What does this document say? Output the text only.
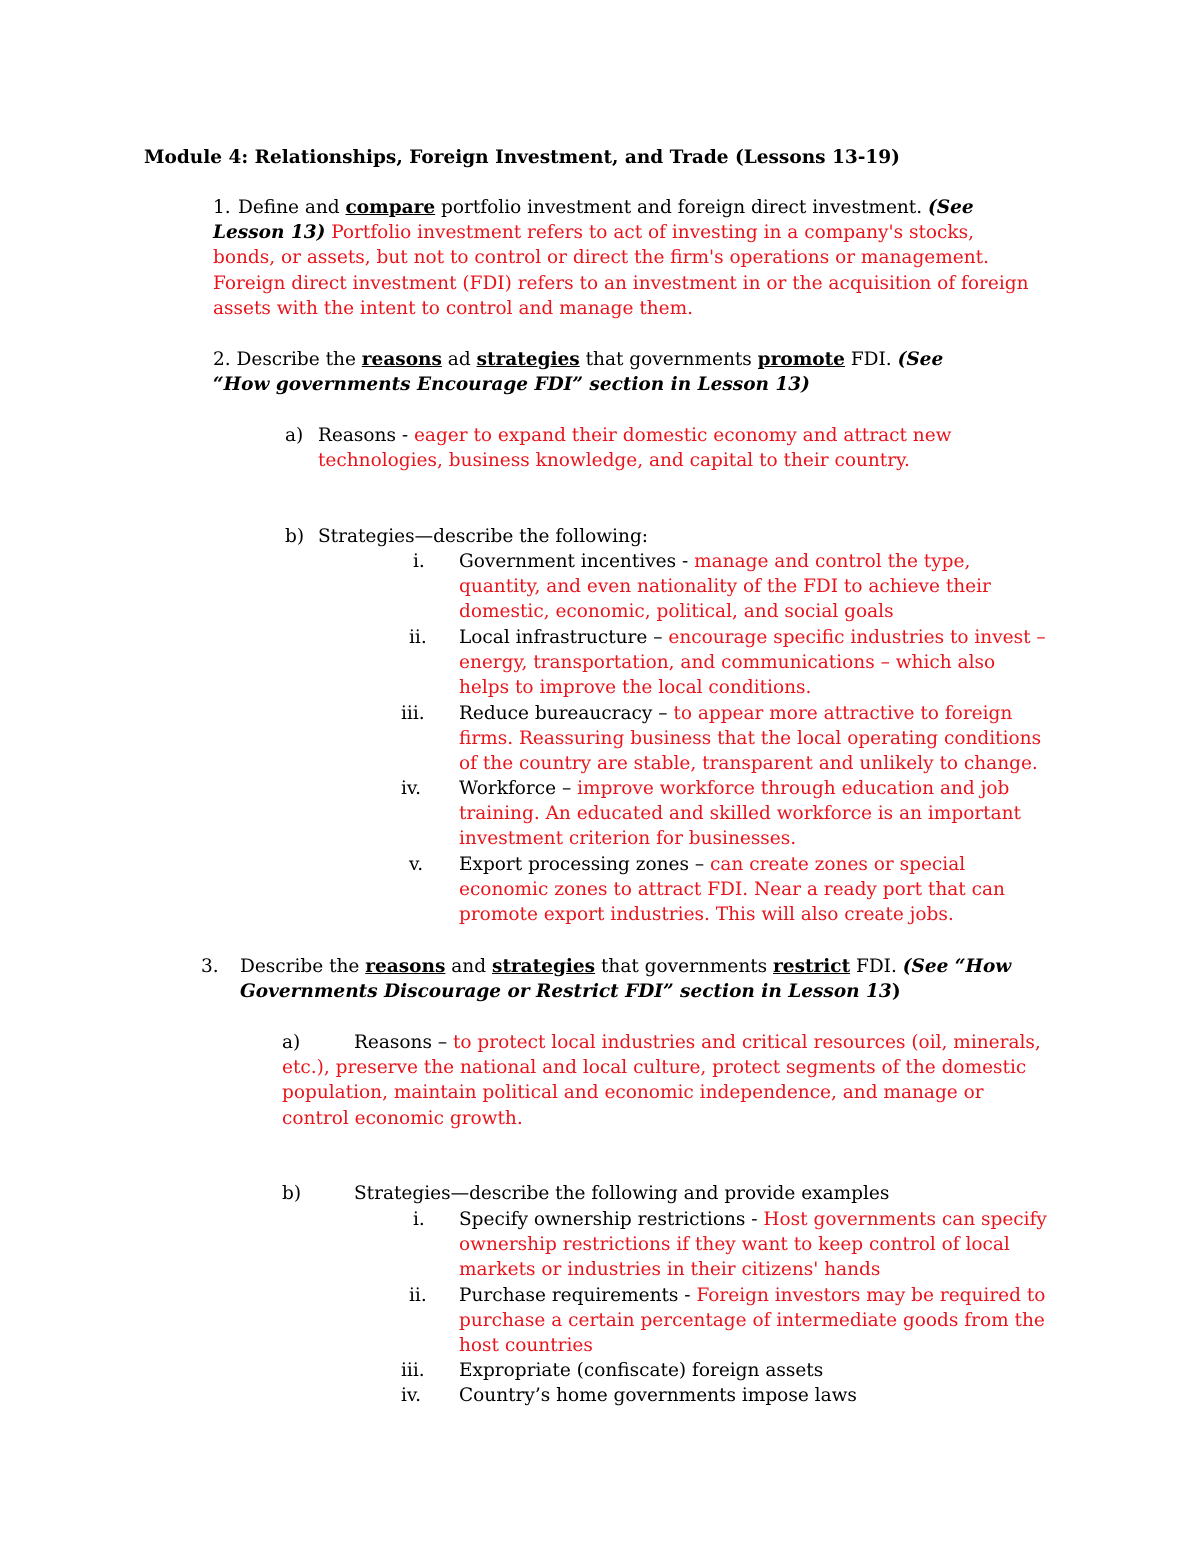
Module 4: Relationships, Foreign Investment, and Trade (Lessons 13-19)
1. Define and compare portfolio investment and foreign direct investment. (See Lesson 13) Portfolio investment refers to act of investing in a company's stocks, bonds, or assets, but not to control or direct the firm's operations or management. Foreign direct investment (FDI) refers to an investment in or the acquisition of foreign assets with the intent to control and manage them.
2. Describe the reasons ad strategies that governments promote FDI. (See “How governments Encourage FDI” section in Lesson 13)
a) Reasons - eager to expand their domestic economy and attract new technologies, business knowledge, and capital to their country.
b) Strategies—describe the following:
i. Government incentives - manage and control the type, quantity, and even nationality of the FDI to achieve their domestic, economic, political, and social goals
ii. Local infrastructure – encourage specific industries to invest – energy, transportation, and communications – which also helps to improve the local conditions.
iii. Reduce bureaucracy – to appear more attractive to foreign firms. Reassuring business that the local operating conditions of the country are stable, transparent and unlikely to change.
iv. Workforce – improve workforce through education and job training. An educated and skilled workforce is an important investment criterion for businesses.
v. Export processing zones – can create zones or special economic zones to attract FDI. Near a ready port that can promote export industries. This will also create jobs.
3. Describe the reasons and strategies that governments restrict FDI. (See “How Governments Discourage or Restrict FDI” section in Lesson 13)
a)	Reasons – to protect local industries and critical resources (oil, minerals, etc.), preserve the national and local culture, protect segments of the domestic population, maintain political and economic independence, and manage or control economic growth.
b)	Strategies—describe the following and provide examples
i. Specify ownership restrictions - Host governments can specify ownership restrictions if they want to keep control of local markets or industries in their citizens' hands
ii. Purchase requirements - Foreign investors may be required to purchase a certain percentage of intermediate goods from the host countries
iii. Expropriate (confiscate) foreign assets
iv. Country’s home governments impose laws
